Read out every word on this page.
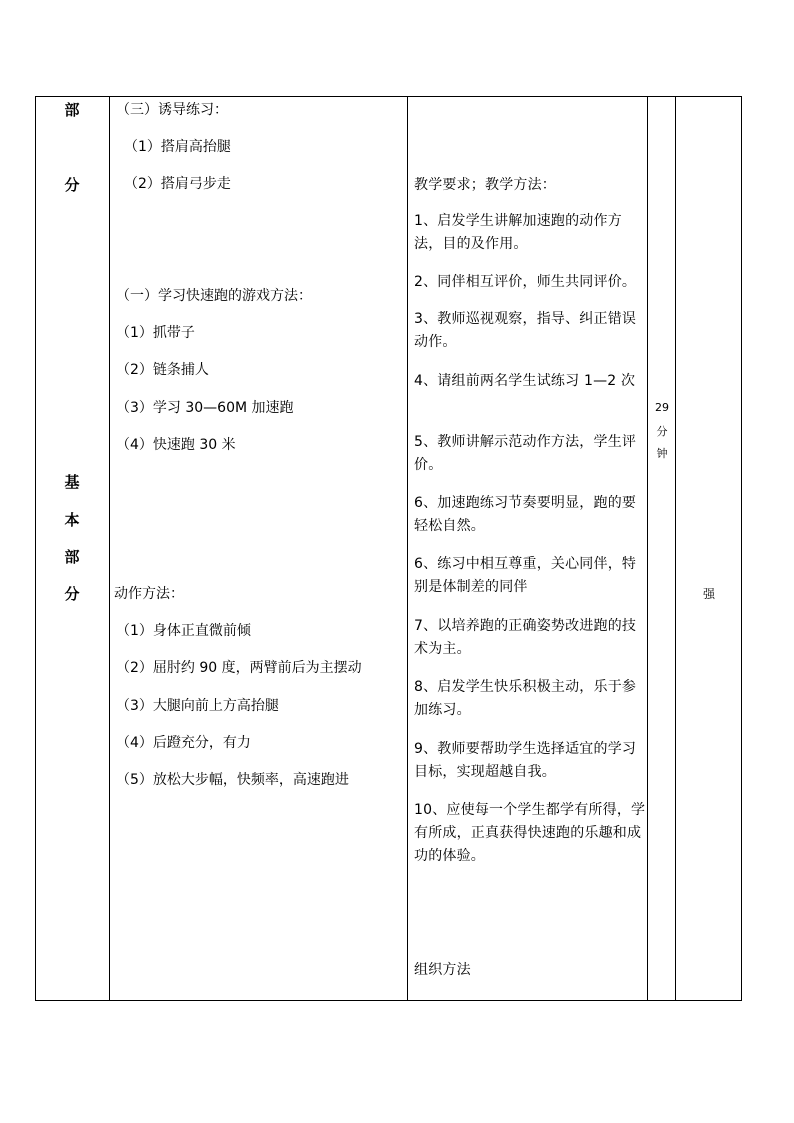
部
分
基
本
部
分
（三）诱导练习：
（1）搭肩高抬腿
（2）搭肩弓步走
（一）学习快速跑的游戏方法：
（1）抓带子
（2）链条捕人
（3）学习 30—60M 加速跑
（4）快速跑 30 米
动作方法：
（1）身体正直微前倾
（2）屈肘约 90 度，两臂前后为主摆动
（3）大腿向前上方高抬腿
（4）后蹬充分，有力
（5）放松大步幅，快频率，高速跑进
教学要求；教学方法：
1、启发学生讲解加速跑的动作方法，目的及作用。
2、同伴相互评价，师生共同评价。
3、教师巡视观察，指导、纠正错误动作。
4、请组前两名学生试练习 1—2 次
5、教师讲解示范动作方法，学生评价。
6、加速跑练习节奏要明显，跑的要轻松自然。
6、练习中相互尊重，关心同伴，特别是体制差的同伴
7、以培养跑的正确姿势改进跑的技术为主。
8、启发学生快乐积极主动，乐于参加练习。
9、教师要帮助学生选择适宜的学习目标，实现超越自我。
10、应使每一个学生都学有所得，学有所成，正真获得快速跑的乐趣和成功的体验。
组织方法
29
分
钟
强
